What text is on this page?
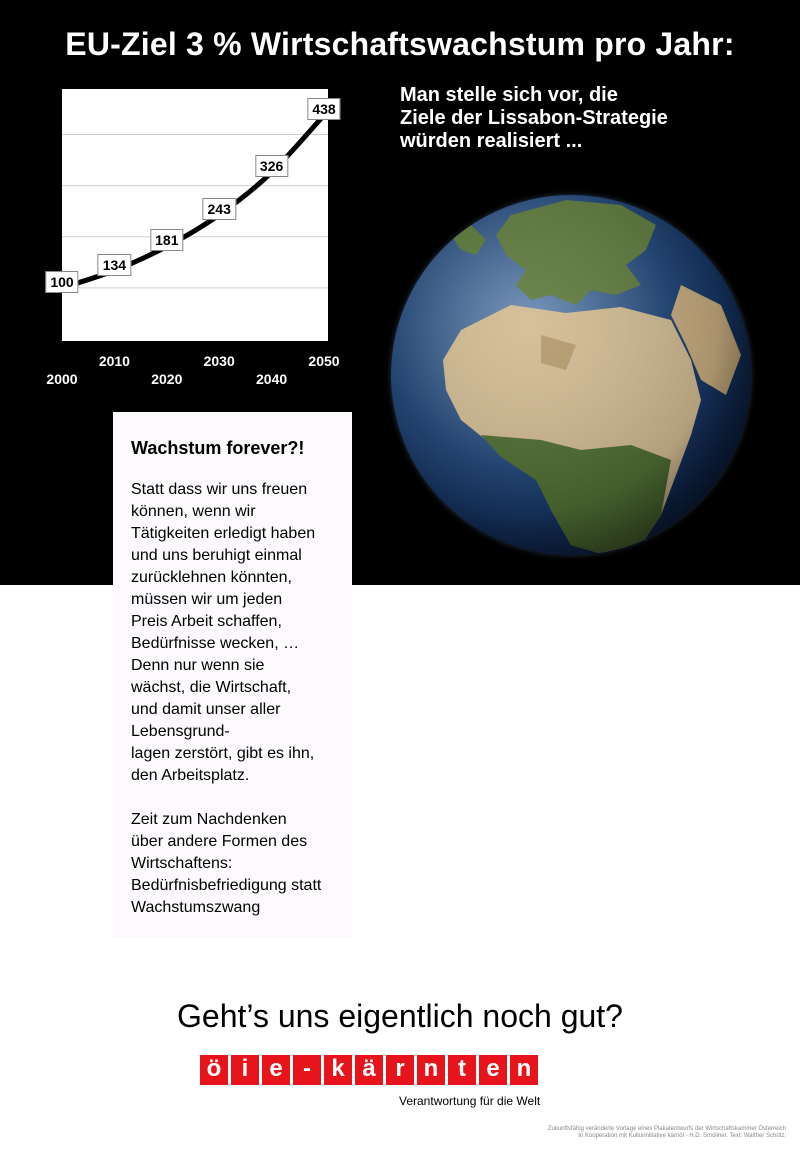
EU-Ziel 3 % Wirtschaftswachstum pro Jahr:
100
134
181
243
326
438
2000
2010
2020
2030
2040
2050
Man stelle sich vor, die
Ziele der Lissabon-Strategie
würden realisiert ...
Wachstum forever?!

Statt dass wir uns freuen
können, wenn wir
Tätigkeiten erledigt haben
und uns beruhigt einmal
zurücklehnen könnten,
müssen wir um jeden
Preis Arbeit schaffen,
Bedürfnisse wecken, …
Denn nur wenn sie
wächst, die Wirtschaft,
und damit unser aller
Lebensgrund-
lagen zerstört, gibt es ihn,
den Arbeitsplatz.

Zeit zum Nachdenken
über andere Formen des
Wirtschaftens:
Bedürfnisbefriedigung statt
Wachstumszwang

Geht’s uns eigentlich noch gut?
ö i e - k ä r n t e n
Verantwortung für die Welt
Zukunftsfähig veränderte Vorlage eines Plakatentwurfs der Wirtschaftskammer Österreich
In Kooperation mit Kulturinitiative kärnöl - H.D. Smoliner. Text: Walther Schütz.
